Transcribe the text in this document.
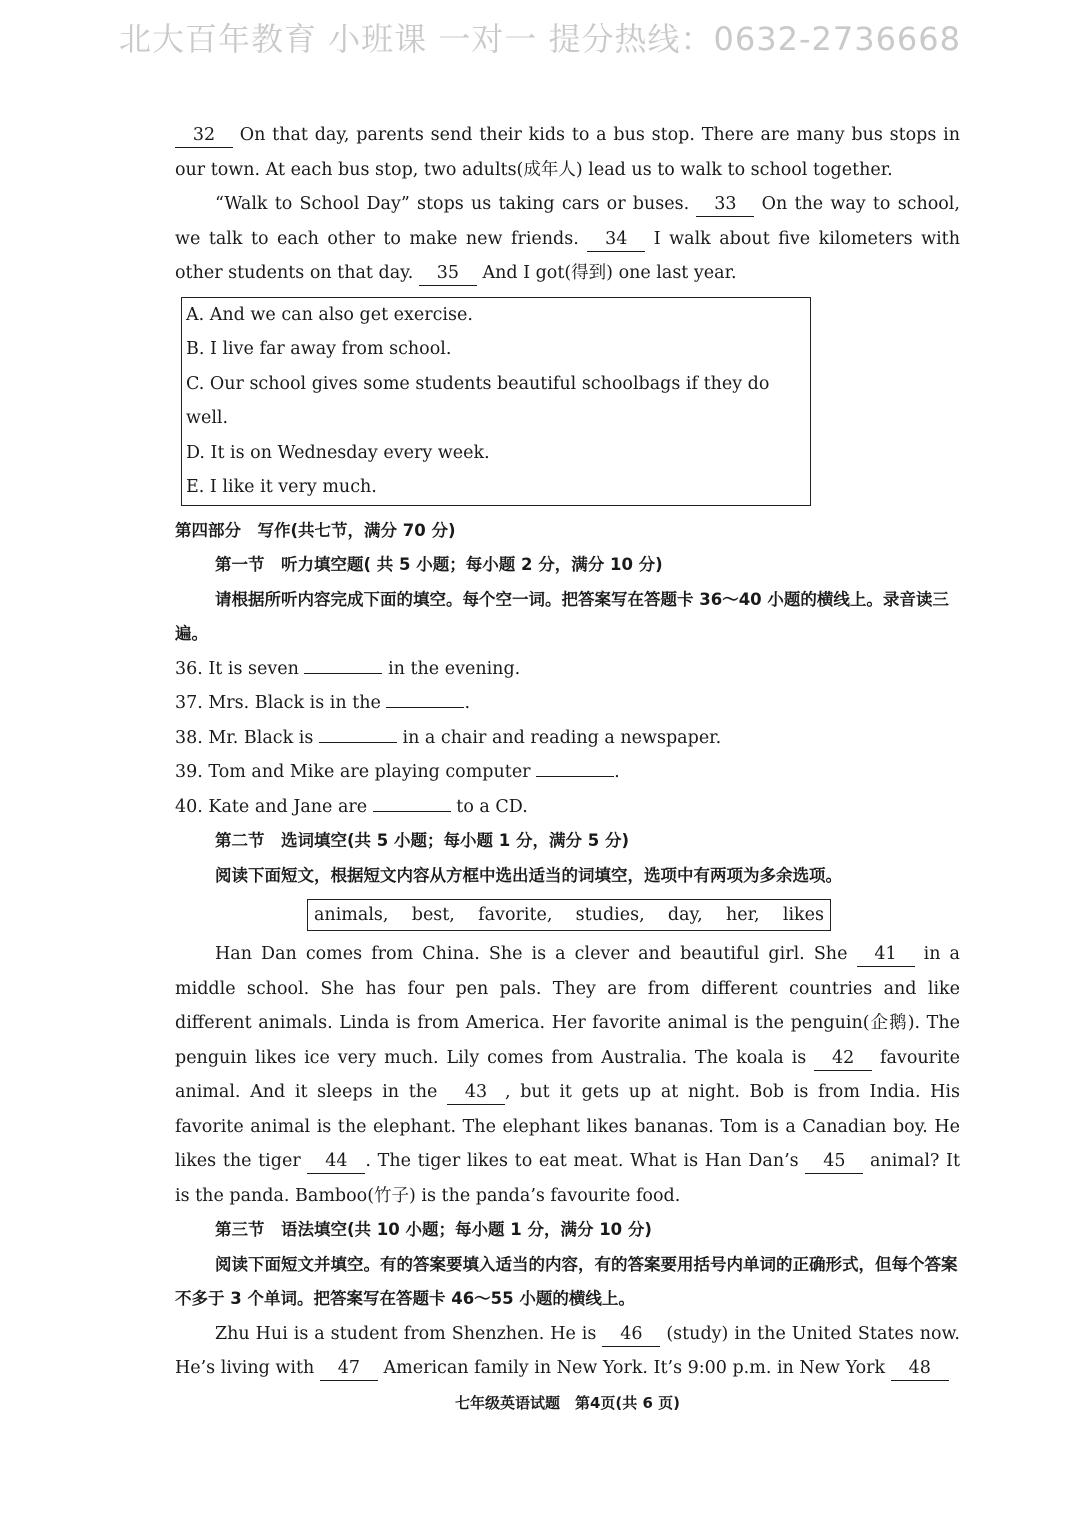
北大百年教育 小班课 一对一 提分热线：0632-2736668

32 On that day, parents send their kids to a bus stop. There are many bus stops in our town. At each bus stop, two adults(成年人) lead us to walk to school together.

“Walk to School Day” stops us taking cars or buses. 33 On the way to school, we talk to each other to make new friends. 34 I walk about five kilometers with other students on that day. 35 And I got(得到) one last year.

A. And we can also get exercise.
B. I live far away from school.
C. Our school gives some students beautiful schoolbags if they do well.
D. It is on Wednesday every week.
E. I like it very much.

第四部分　写作(共七节，满分 70 分)

第一节　听力填空题( 共 5 小题；每小题 2 分，满分 10 分)

请根据所听内容完成下面的填空。每个空一词。把答案写在答题卡 36～40 小题的横线上。录音读三遍。

36. It is seven	in the evening.

37. Mrs. Black is in the	.

38. Mr. Black is	in a chair and reading a newspaper.

39. Tom and Mike are playing computer	.

40. Kate and Jane are	to a CD.

第二节　选词填空(共 5 小题；每小题 1 分，满分 5 分)

阅读下面短文，根据短文内容从方框中选出适当的词填空，选项中有两项为多余选项。

animals,　best,　favorite,　studies,　day,　her,　likes

Han Dan comes from China. She is a clever and beautiful girl. She 41 in a middle school. She has four pen pals. They are from different countries and like different animals. Linda is from America. Her favorite animal is the penguin(企鹅). The penguin likes ice very much. Lily comes from Australia. The koala is 42 favourite animal. And it sleeps in the 43 , but it gets up at night. Bob is from India. His favorite animal is the elephant. The elephant likes bananas. Tom is a Canadian boy. He likes the tiger 44 . The tiger likes to eat meat. What is Han Dan’s 45 animal? It is the panda. Bamboo(竹子) is the panda’s favourite food.

第三节　语法填空(共 10 小题；每小题 1 分，满分 10 分)

阅读下面短文并填空。有的答案要填入适当的内容，有的答案要用括号内单词的正确形式，但每个答案不多于 3 个单词。把答案写在答题卡 46～55 小题的横线上。

Zhu Hui is a student from Shenzhen. He is 46 (study) in the United States now. He’s living with 47 American family in New York. It’s 9:00 p.m. in New York 48

七年级英语试题　第4页(共 6 页)
